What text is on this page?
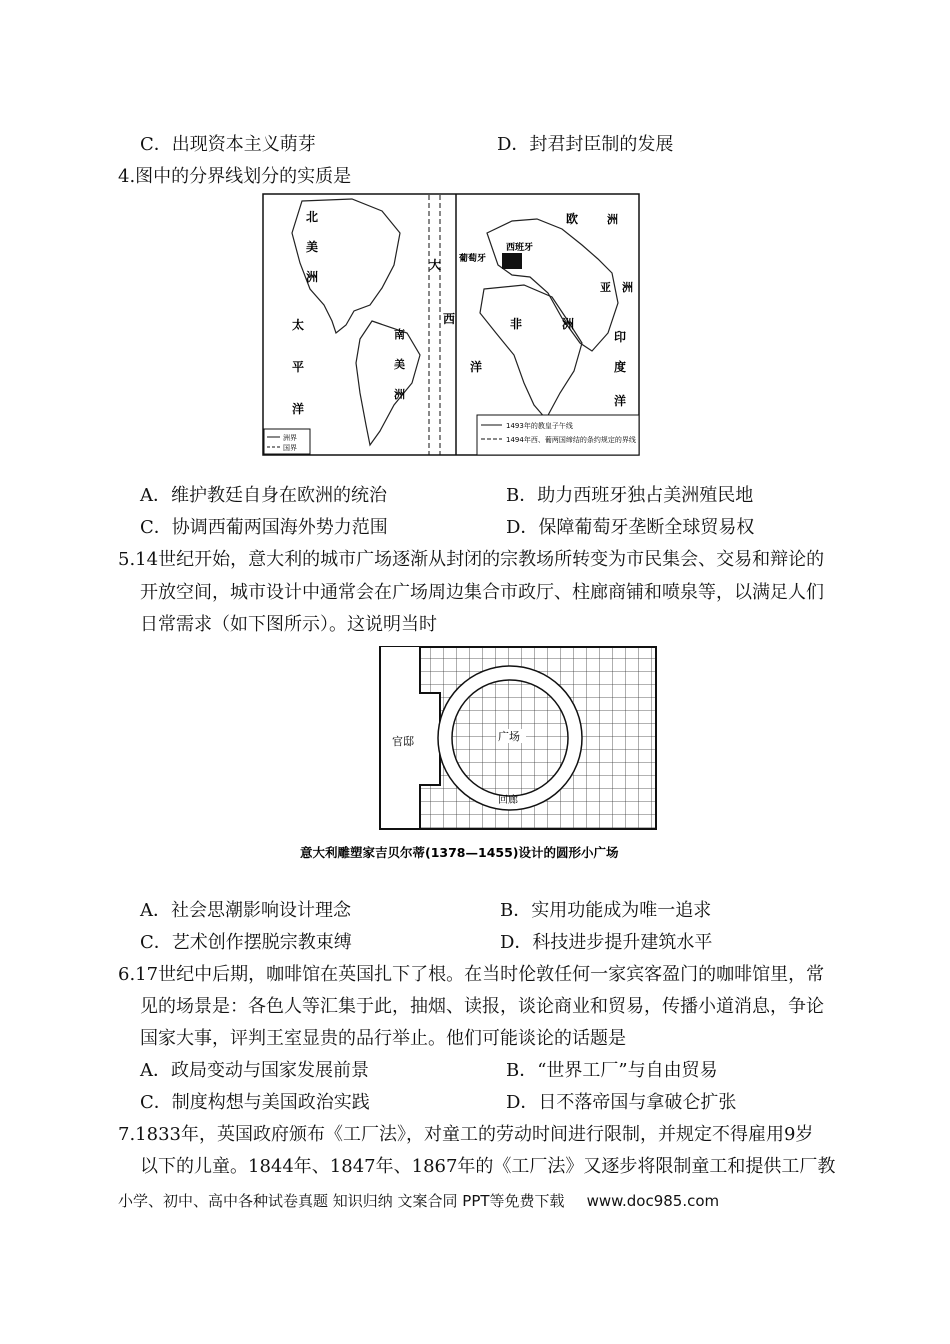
C．出现资本主义萌芽	D．封君封臣制的发展
4.图中的分界线划分的实质是
洲界
国界
1493年的教皇子午线
1494年西、葡两国缔结的条约规定的界线
北
美
洲
太
平
洋
南
美
洲
大
西
洋
欧	洲
西班牙
葡萄牙
非	洲
亚 洲
印
度
洋
A．维护教廷自身在欧洲的统治	B．助力西班牙独占美洲殖民地
C．协调西葡两国海外势力范围	D．保障葡萄牙垄断全球贸易权
5.14世纪开始，意大利的城市广场逐渐从封闭的宗教场所转变为市民集会、交易和辩论的
开放空间，城市设计中通常会在广场周边集合市政厅、柱廊商铺和喷泉等，以满足人们
日常需求（如下图所示）。这说明当时
官邸	广场
回廊
意大利雕塑家吉贝尔蒂(1378—1455)设计的圆形小广场
A．社会思潮影响设计理念	B．实用功能成为唯一追求
C．艺术创作摆脱宗教束缚	D．科技进步提升建筑水平
6.17世纪中后期，咖啡馆在英国扎下了根。在当时伦敦任何一家宾客盈门的咖啡馆里，常
见的场景是：各色人等汇集于此，抽烟、读报，谈论商业和贸易，传播小道消息，争论
国家大事，评判王室显贵的品行举止。他们可能谈论的话题是
A．政局变动与国家发展前景	B．“世界工厂”与自由贸易
C．制度构想与美国政治实践	D．日不落帝国与拿破仑扩张
7.1833年，英国政府颁布《工厂法》，对童工的劳动时间进行限制，并规定不得雇用9岁
以下的儿童。1844年、1847年、1867年的《工厂法》又逐步将限制童工和提供工厂教
小学、初中、高中各种试卷真题 知识归纳 文案合同 PPT等免费下载 www.doc985.com
